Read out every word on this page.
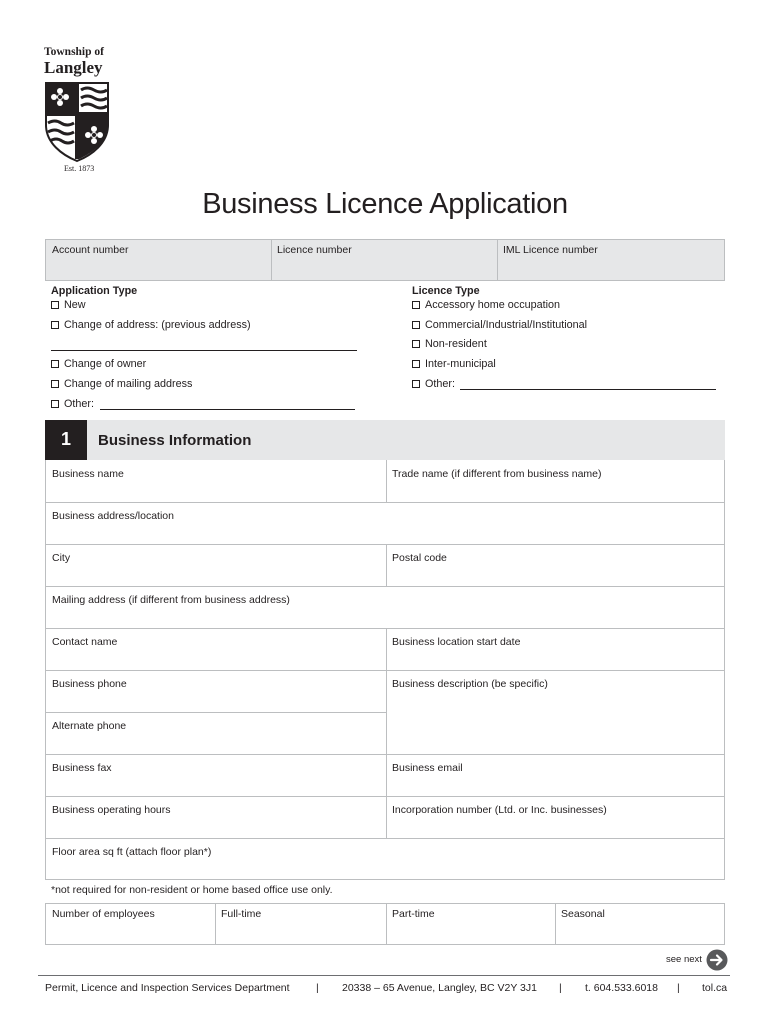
Township of
Langley
Est. 1873
Business Licence Application
Account number	Licence number	IML Licence number
Application Type
New
Change of address: (previous address)
Change of owner
Change of mailing address
Other:
Licence Type
Accessory home occupation
Commercial/Industrial/Institutional
Non-resident
Inter-municipal
Other:
1	Business Information
Business name	Trade name (if different from business name)
Business address/location
City	Postal code
Mailing address (if different from business address)
Contact name	Business location start date
Business phone	Business description (be specific)
Alternate phone
Business fax	Business email
Business operating hours	Incorporation number (Ltd. or Inc. businesses)
Floor area sq ft (attach floor plan*)
*not required for non-resident or home based office use only.
Number of employees	Full-time	Part-time	Seasonal
see next
Permit, Licence and Inspection Services Department	| 20338 – 65 Avenue, Langley, BC V2Y 3J1 | t. 604.533.6018 | tol.ca
